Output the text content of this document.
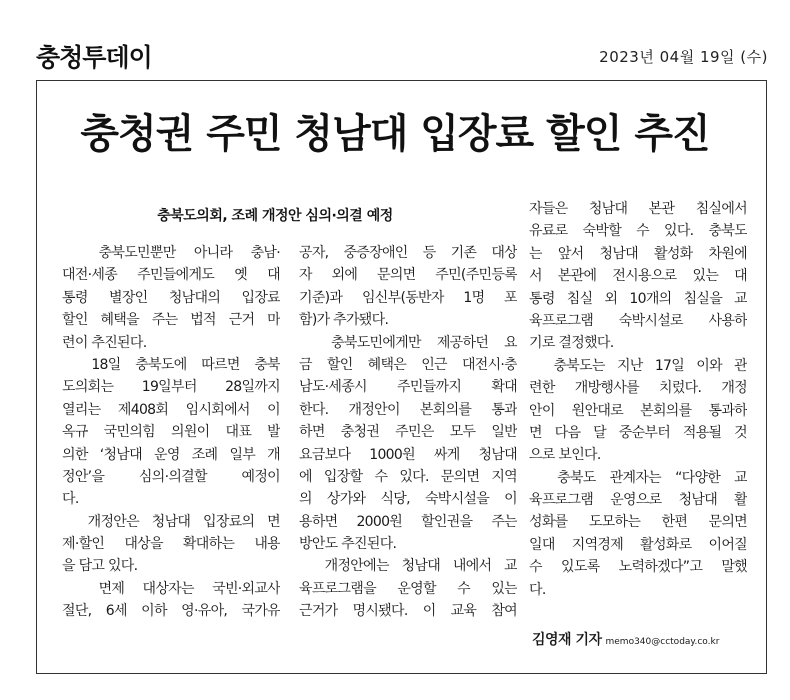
충청투데이	2023년 04월 19일 (수)
충청권 주민 청남대 입장료 할인 추진
충북도의회, 조례 개정안 심의·의결 예정
충북도민뿐만 아니라 충남·
대전·세종 주민들에게도 옛 대
통령 별장인 청남대의 입장료
할인 혜택을 주는 법적 근거 마
련이 추진된다.
18일 충북도에 따르면 충북
도의회는 19일부터 28일까지
열리는 제408회 임시회에서 이
옥규 국민의힘 의원이 대표 발
의한 ‘청남대 운영 조례 일부 개
정안’을 심의·의결할 예정이
다.
개정안은 청남대 입장료의 면
제·할인 대상을 확대하는 내용
을 담고 있다.
면제 대상자는 국빈·외교사
절단, 6세 이하 영·유아, 국가유
공자, 중증장애인 등 기존 대상
자 외에 문의면 주민(주민등록
기준)과 임신부(동반자 1명 포
함)가 추가됐다.
충북도민에게만 제공하던 요
금 할인 혜택은 인근 대전시·충
남도·세종시 주민들까지 확대
한다. 개정안이 본회의를 통과
하면 충청권 주민은 모두 일반
요금보다 1000원 싸게 청남대
에 입장할 수 있다. 문의면 지역
의 상가와 식당, 숙박시설을 이
용하면 2000원 할인권을 주는
방안도 추진된다.
개정안에는 청남대 내에서 교
육프로그램을 운영할 수 있는
근거가 명시됐다. 이 교육 참여
자들은 청남대 본관 침실에서
유료로 숙박할 수 있다. 충북도
는 앞서 청남대 활성화 차원에
서 본관에 전시용으로 있는 대
통령 침실 외 10개의 침실을 교
육프로그램 숙박시설로 사용하
기로 결정했다.
충북도는 지난 17일 이와 관
련한 개방행사를 치렀다. 개정
안이 원안대로 본회의를 통과하
면 다음 달 중순부터 적용될 것
으로 보인다.
충북도 관계자는 “다양한 교
육프로그램 운영으로 청남대 활
성화를 도모하는 한편 문의면
일대 지역경제 활성화로 이어질
수 있도록 노력하겠다”고 말했
다.
김영재 기자 memo340@cctoday.co.kr
